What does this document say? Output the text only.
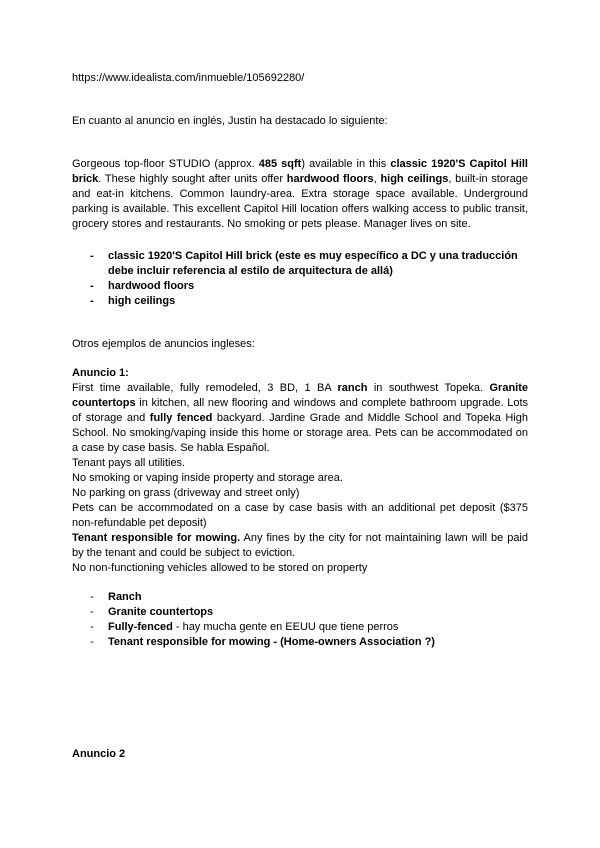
https://www.idealista.com/inmueble/105692280/

En cuanto al anuncio en inglés, Justin ha destacado lo siguiente:

Gorgeous top-floor STUDIO (approx. 485 sqft) available in this classic 1920'S Capitol Hill brick. These highly sought after units offer hardwood floors, high ceilings, built-in storage and eat-in kitchens. Common laundry-area. Extra storage space available. Underground parking is available. This excellent Capitol Hill location offers walking access to public transit, grocery stores and restaurants. No smoking or pets please. Manager lives on site.

- classic 1920'S Capitol Hill brick (este es muy específico a DC y una traducción debe incluir referencia al estilo de arquitectura de allá)
- hardwood floors
- high ceilings

Otros ejemplos de anuncios ingleses:

Anuncio 1:

First time available, fully remodeled, 3 BD, 1 BA ranch in southwest Topeka. Granite countertops in kitchen, all new flooring and windows and complete bathroom upgrade. Lots of storage and fully fenced backyard. Jardine Grade and Middle School and Topeka High School. No smoking/vaping inside this home or storage area. Pets can be accommodated on a case by case basis. Se habla Español.

Tenant pays all utilities.

No smoking or vaping inside property and storage area.

No parking on grass (driveway and street only)

Pets can be accommodated on a case by case basis with an additional pet deposit ($375 non-refundable pet deposit)

Tenant responsible for mowing. Any fines by the city for not maintaining lawn will be paid by the tenant and could be subject to eviction.

No non-functioning vehicles allowed to be stored on property

- Ranch
- Granite countertops
- Fully-fenced - hay mucha gente en EEUU que tiene perros
- Tenant responsible for mowing - (Home-owners Association ?)

Anuncio 2
